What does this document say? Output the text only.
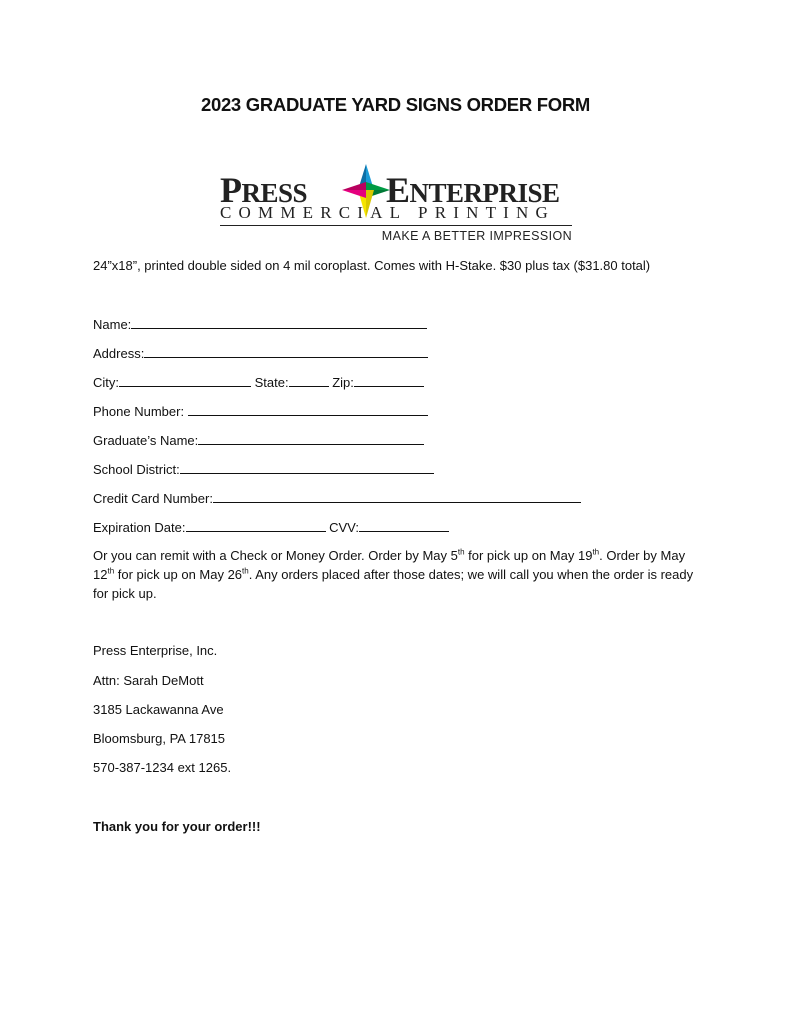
2023 GRADUATE YARD SIGNS ORDER FORM
PRESS ENTERPRISE
COMMERCIAL PRINTING
MAKE A BETTER IMPRESSION
24”x18”, printed double sided on 4 mil coroplast. Comes with H-Stake. $30 plus tax ($31.80 total)
Name:
Address:
City:	State:	Zip:
Phone Number:
Graduate’s Name:
School District:
Credit Card Number:
Expiration Date:	CVV:
Or you can remit with a Check or Money Order. Order by May 5th for pick up on May 19th. Order by May 12th for pick up on May 26th. Any orders placed after those dates; we will call you when the order is ready for pick up.
Press Enterprise, Inc.
Attn: Sarah DeMott
3185 Lackawanna Ave
Bloomsburg, PA 17815
570-387-1234 ext 1265.
Thank you for your order!!!
